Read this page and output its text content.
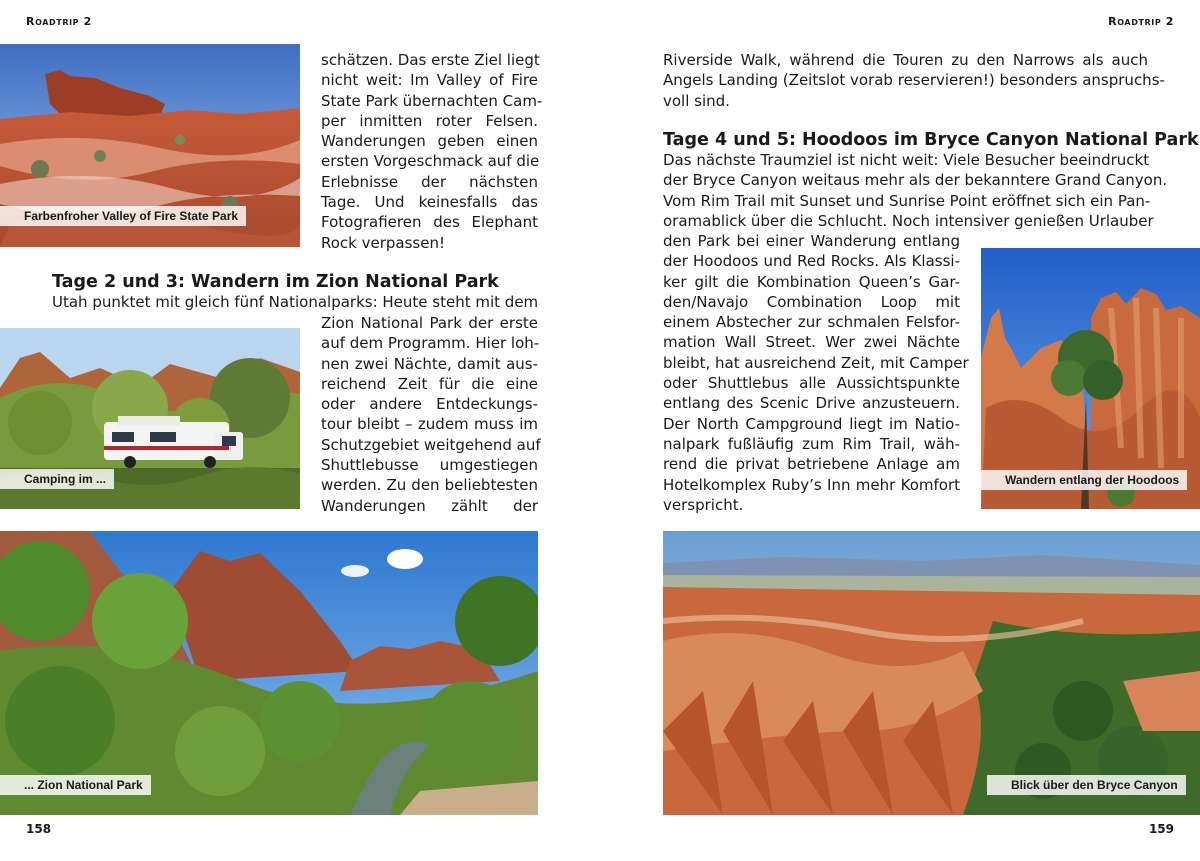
Roadtrip 2
Farbenfroher Valley of Fire State Park
schätzen. Das erste Ziel liegt
nicht weit: Im Valley of Fire
State Park übernachten Cam-
per inmitten roter Felsen.
Wanderungen geben einen
ersten Vorgeschmack auf die
Erlebnisse der nächsten
Tage. Und keinesfalls das
Fotografieren des Elephant
Rock verpassen!
Tage 2 und 3: Wandern im Zion National Park
Utah punktet mit gleich fünf Nationalparks: Heute steht mit dem
Camping im ...
Zion National Park der erste
auf dem Programm. Hier loh-
nen zwei Nächte, damit aus-
reichend Zeit für die eine
oder andere Entdeckungs-
tour bleibt – zudem muss im
Schutzgebiet weitgehend auf
Shuttlebusse umgestiegen
werden. Zu den beliebtesten
Wanderungen zählt der
... Zion National Park
158
Roadtrip 2
Riverside Walk, während die Touren zu den Narrows als auch
Angels Landing (Zeitslot vorab reservieren!) besonders anspruchs-
voll sind.
Tage 4 und 5: Hoodoos im Bryce Canyon National Park
Das nächste Traumziel ist nicht weit: Viele Besucher beeindruckt
der Bryce Canyon weitaus mehr als der bekanntere Grand Canyon.
Vom Rim Trail mit Sunset und Sunrise Point eröffnet sich ein Pan-
oramablick über die Schlucht. Noch intensiver genießen Urlauber
den Park bei einer Wanderung entlang
der Hoodoos und Red Rocks. Als Klassi-
ker gilt die Kombination Queen’s Gar-
den/Navajo Combination Loop mit
einem Abstecher zur schmalen Felsfor-
mation Wall Street. Wer zwei Nächte
bleibt, hat ausreichend Zeit, mit Camper
oder Shuttlebus alle Aussichtspunkte
entlang des Scenic Drive anzusteuern.
Der North Campground liegt im Natio-
nalpark fußläufig zum Rim Trail, wäh-
rend die privat betriebene Anlage am
Hotelkomplex Ruby’s Inn mehr Komfort
verspricht.
Wandern entlang der Hoodoos
Blick über den Bryce Canyon
159
